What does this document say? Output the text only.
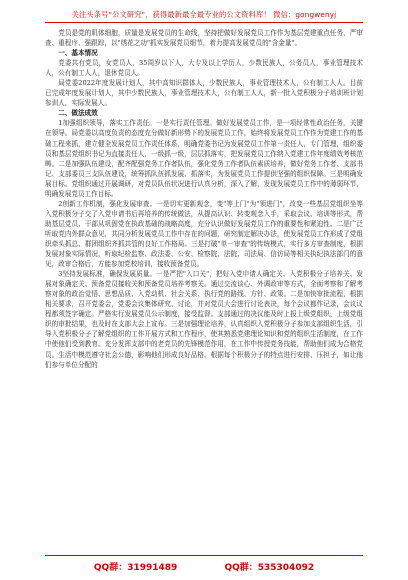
关注头条号"公文研究"，获得最新最全最专业的公文资料库！ 微信：gongwenyj

党员是党的肌体细胞，质量是发展党员的生命线，坚持把做好发展党员工作作为基层党建重点任务，严审查、重程序、强跟踪，以"绣花之功"抓实发展党员细节，着力提高发展党员的"含金量"。

一、基本情况

党委共有党员，女党员人，35周岁以下人，大专及以上学历人，少数民族人，公务员人，事业管理技术人，公有制工人人，退休党员人。

局党委2022年度发展计划人，其中高知识群体人，少数民族人，事业管理技术人，公有制工人人。目前已完成年度发展计划人，其中少数民族人，事业管理技术人，公有制工人人，新一批入党积极分子培训班计划参训人，实际发展人。

二、做法成效

1加强组织领导，落实工作责任。一是实行责任管理。做好发展党员工作，是一项经常性政治任务，关键在领导。局党委以高度负责的态度充分做好新形势下的发展党员工作，始终将发展党员工作作为党建工作的基础工程来抓，建立健全发展党员工作责任体系，明确党委书记为发展党员工作第一责任人，专门管理，组织委员和基层党组织书记为直接责任人，一级抓一级，层层抓落实，把发展党员工作纳入党建工作年度绩效考核范畴。二是加强队伍建设，配齐配强党务工作者队伍，强化党务工作者队伍素质培养，做好党务工作者、支部书记、支部委员三支队伍建设，统筹抓队伍抓发展、抓落实，为发展党员工作提供坚强的组织保障。三是明确发展目标。党组织通过开展调研，对党员队伍状况进行认真分析，深入了解，发现发展党员工作中的薄弱环节，明确发展党员工作目标。

2创新工作机制，强化发展审查。一是切实更新观念，变"等上门"为"领进门"，改变一些基层党组织坐等入党积极分子交了入党申请书后再培养的传统做法，从提高认识、转变观念入手，采取会议、培训等形式，帮助基层党员、干部从巩固党在执政基础的战略高度，充分认识做好发展党员工作的重要性和紧迫性。二是广泛听取党内外群众意见，共同分析发展党员工作中存在的问题，研究制定解决办法，使发展党员工作形成了党组织牵头抓总、群团组织齐抓共管的良好工作格局。三是打破"单一审查"的传统模式，实行多方审查制度，根据发展对象实际情况，听取纪检监察、政法委、公安、检察院、法院、司法局、信访局等相关执纪执法部门的意见，政审合格后，方能参加党校培训，接收预备党员。

3坚持发展标准，确保发展质量。一是严把"入口关"，把好入党申请人确定关、入党积极分子培养关、发展对象确定关、预备党员接收关和预备党员培养考察关。通过交流谈心、外调政审等方式，全面考察和了解考察对象的政治觉悟、思想品质、入党动机、社会关系、执行党的路线、方针、政策。二是加快审批流程，根据相关要求，召开党委会，党委会议集体研究、讨论，并对党员大会进行讨论表决，每个会议都作记录，会议议程都须签字确定。严格实行发展党员公示制度，接受监督。支部通过的决议能及时上报上级党组织，上级党组织的审批结果，也及时在支部大会上宣布。三是加强理论培养，认真组织入党积极分子参加支部组织生活，引导入党积极分子了解党组织的工作开展方式和工作程序，使其熟悉党建理论知识和党的组织生活制度，在工作中使他们受到教育。充分发挥支部中的老党员的先锋模范作用，在工作中传授党务技能，帮助他们成为合格党员。生活中模范遵守社会公德，影响他们形成良好品格。根据每个积极分子的特点进行安排、压担子，如让他们参与单位分配的

QQ群：31991489	QQ群：535304092
